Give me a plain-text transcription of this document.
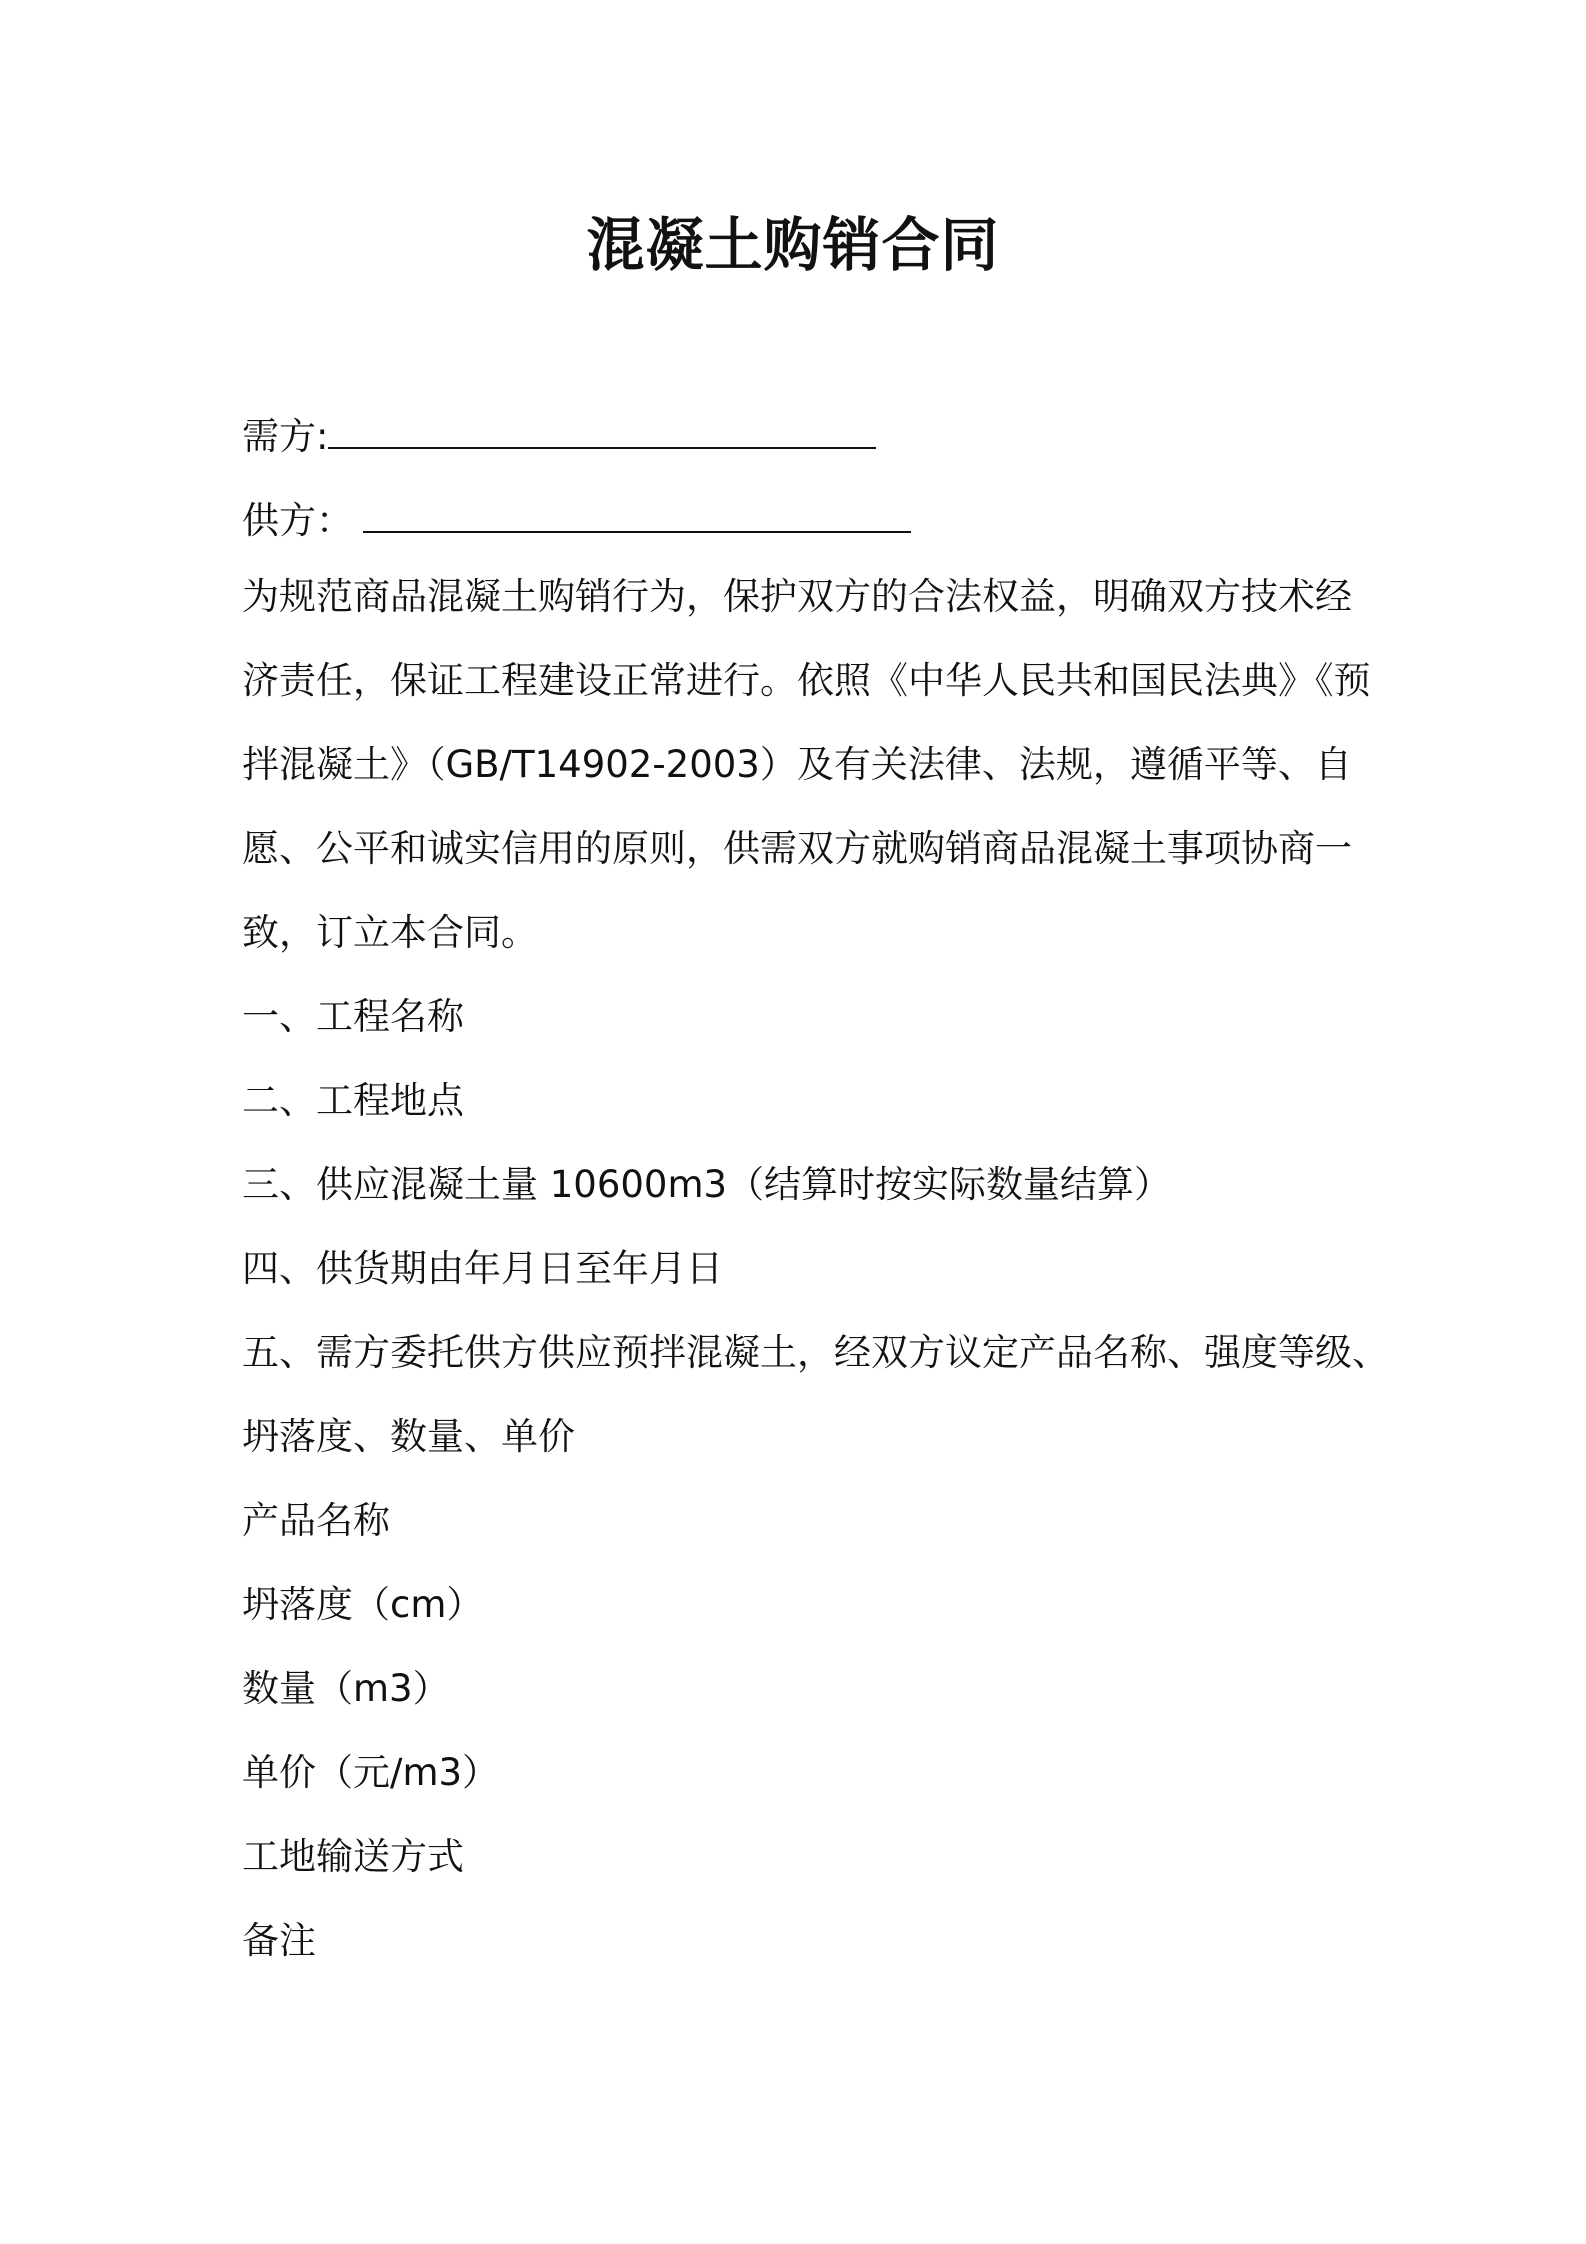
混凝土购销合同
需方:
供方：
为规范商品混凝土购销行为，保护双方的合法权益，明确双方技术经
济责任，保证工程建设正常进行。依照《中华人民共和国民法典》《预
拌混凝土》（GB/T14902-2003）及有关法律、法规，遵循平等、自
愿、公平和诚实信用的原则，供需双方就购销商品混凝土事项协商一
致，订立本合同。
一、工程名称
二、工程地点
三、供应混凝土量 10600m3（结算时按实际数量结算）
四、供货期由年月日至年月日
五、需方委托供方供应预拌混凝土，经双方议定产品名称、强度等级、
坍落度、数量、单价
产品名称
坍落度（cm）
数量（m3）
单价（元/m3）
工地输送方式
备注
